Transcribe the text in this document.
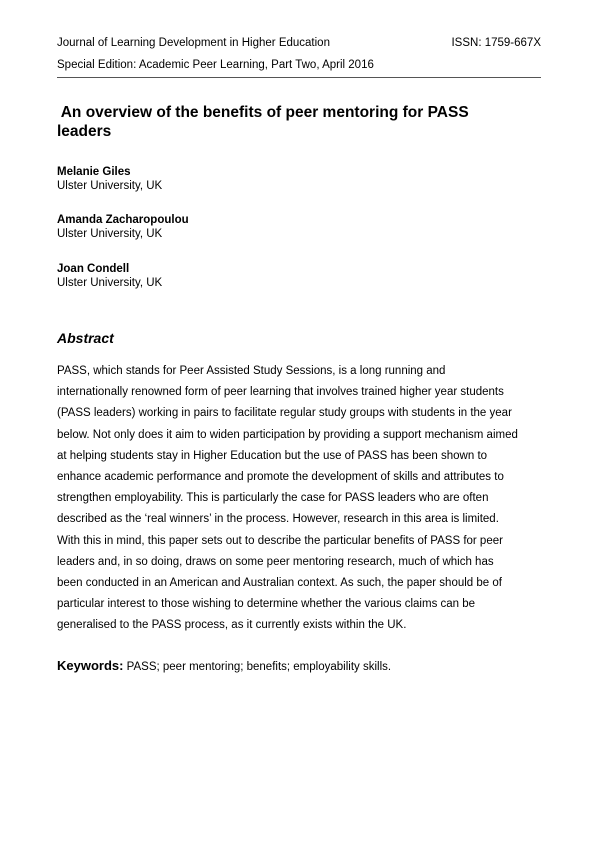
Journal of Learning Development in Higher Education	ISSN: 1759-667X
Special Edition: Academic Peer Learning, Part Two, April 2016
An overview of the benefits of peer mentoring for PASS
leaders
Melanie Giles
Ulster University, UK
Amanda Zacharopoulou
Ulster University, UK
Joan Condell
Ulster University, UK
Abstract
PASS, which stands for Peer Assisted Study Sessions, is a long running and
internationally renowned form of peer learning that involves trained higher year students
(PASS leaders) working in pairs to facilitate regular study groups with students in the year
below. Not only does it aim to widen participation by providing a support mechanism aimed
at helping students stay in Higher Education but the use of PASS has been shown to
enhance academic performance and promote the development of skills and attributes to
strengthen employability. This is particularly the case for PASS leaders who are often
described as the ‘real winners’ in the process. However, research in this area is limited.
With this in mind, this paper sets out to describe the particular benefits of PASS for peer
leaders and, in so doing, draws on some peer mentoring research, much of which has
been conducted in an American and Australian context. As such, the paper should be of
particular interest to those wishing to determine whether the various claims can be
generalised to the PASS process, as it currently exists within the UK.
Keywords: PASS; peer mentoring; benefits; employability skills.
